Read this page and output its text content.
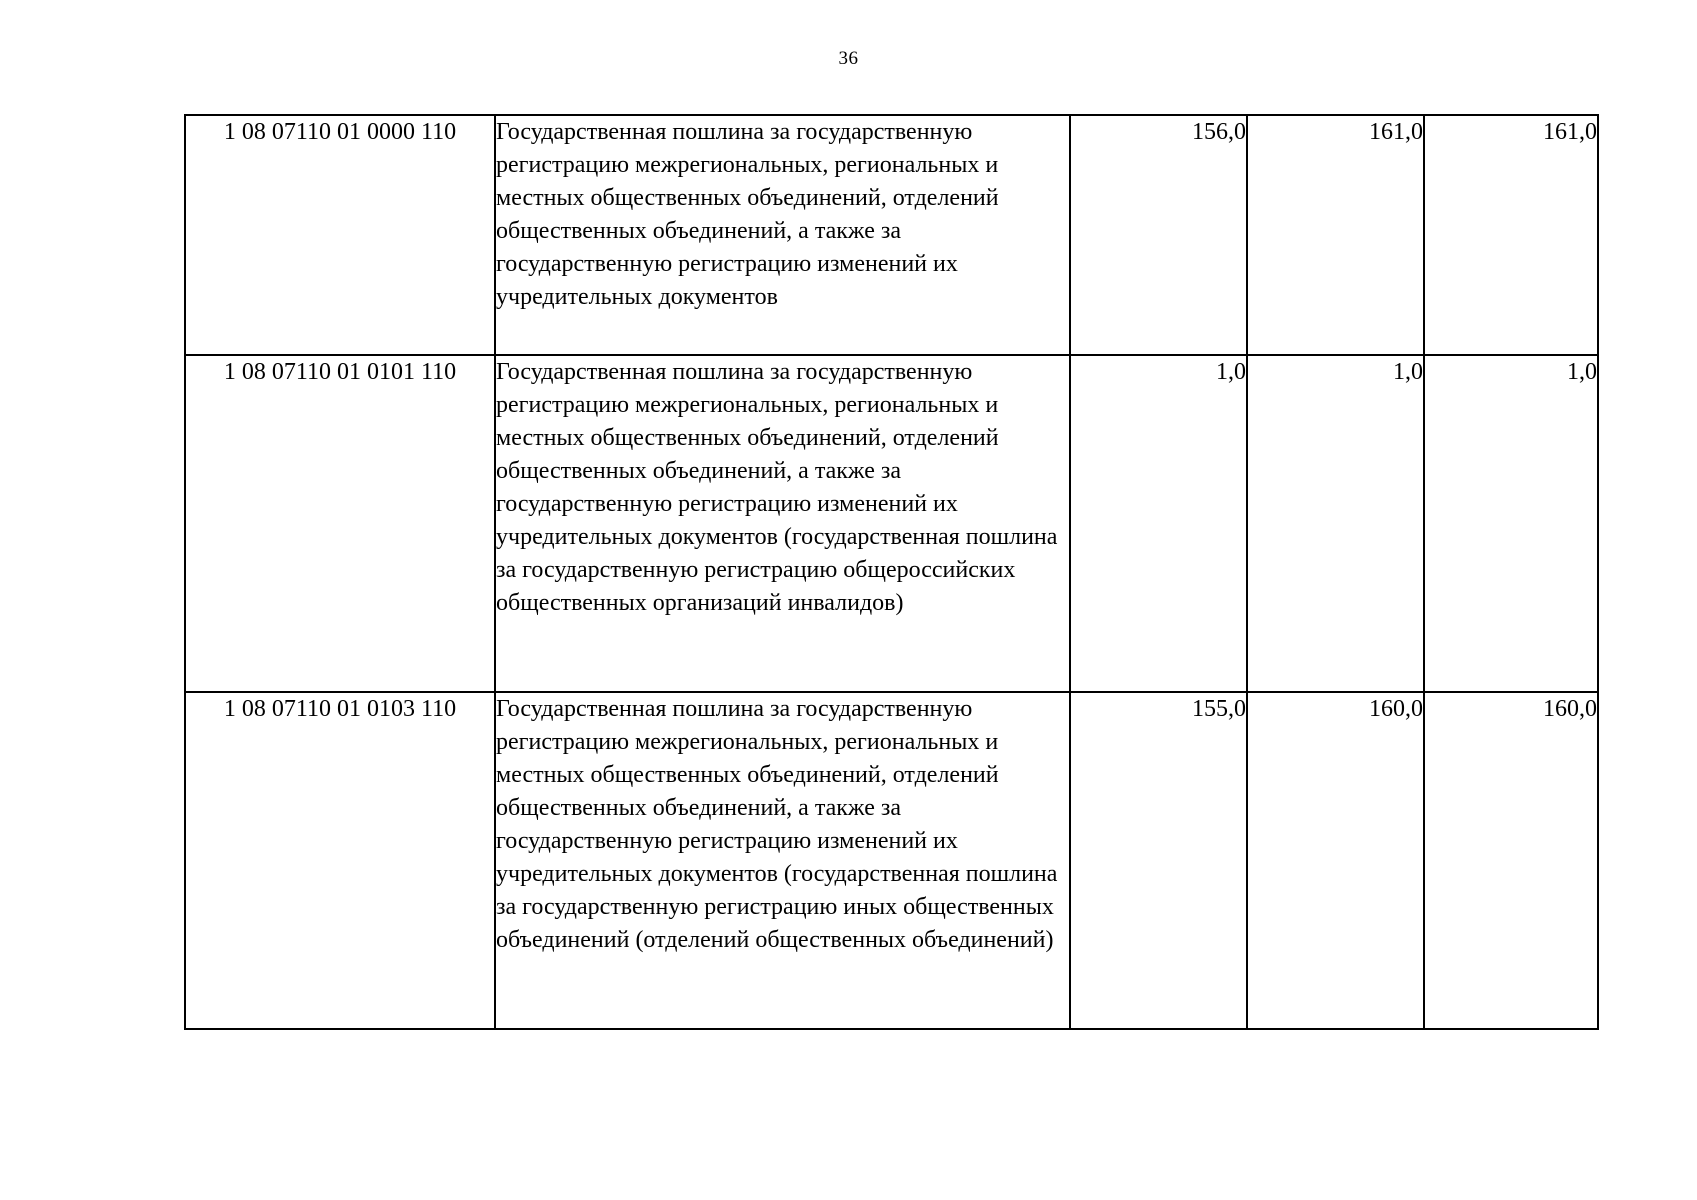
36
1 08 07110 01 0000 110	Государственная пошлина за государственную регистрацию межрегиональных, региональных и местных общественных объединений, отделений общественных объединений, а также за государственную регистрацию изменений их учредительных документов	156,0	161,0	161,0
1 08 07110 01 0101 110	Государственная пошлина за государственную регистрацию межрегиональных, региональных и местных общественных объединений, отделений общественных объединений, а также за государственную регистрацию изменений их учредительных документов (государственная пошлина за государственную регистрацию общероссийских общественных организаций инвалидов)	1,0	1,0	1,0
1 08 07110 01 0103 110	Государственная пошлина за государственную регистрацию межрегиональных, региональных и местных общественных объединений, отделений общественных объединений, а также за государственную регистрацию изменений их учредительных документов (государственная пошлина за государственную регистрацию иных общественных объединений (отделений общественных объединений)	155,0	160,0	160,0
